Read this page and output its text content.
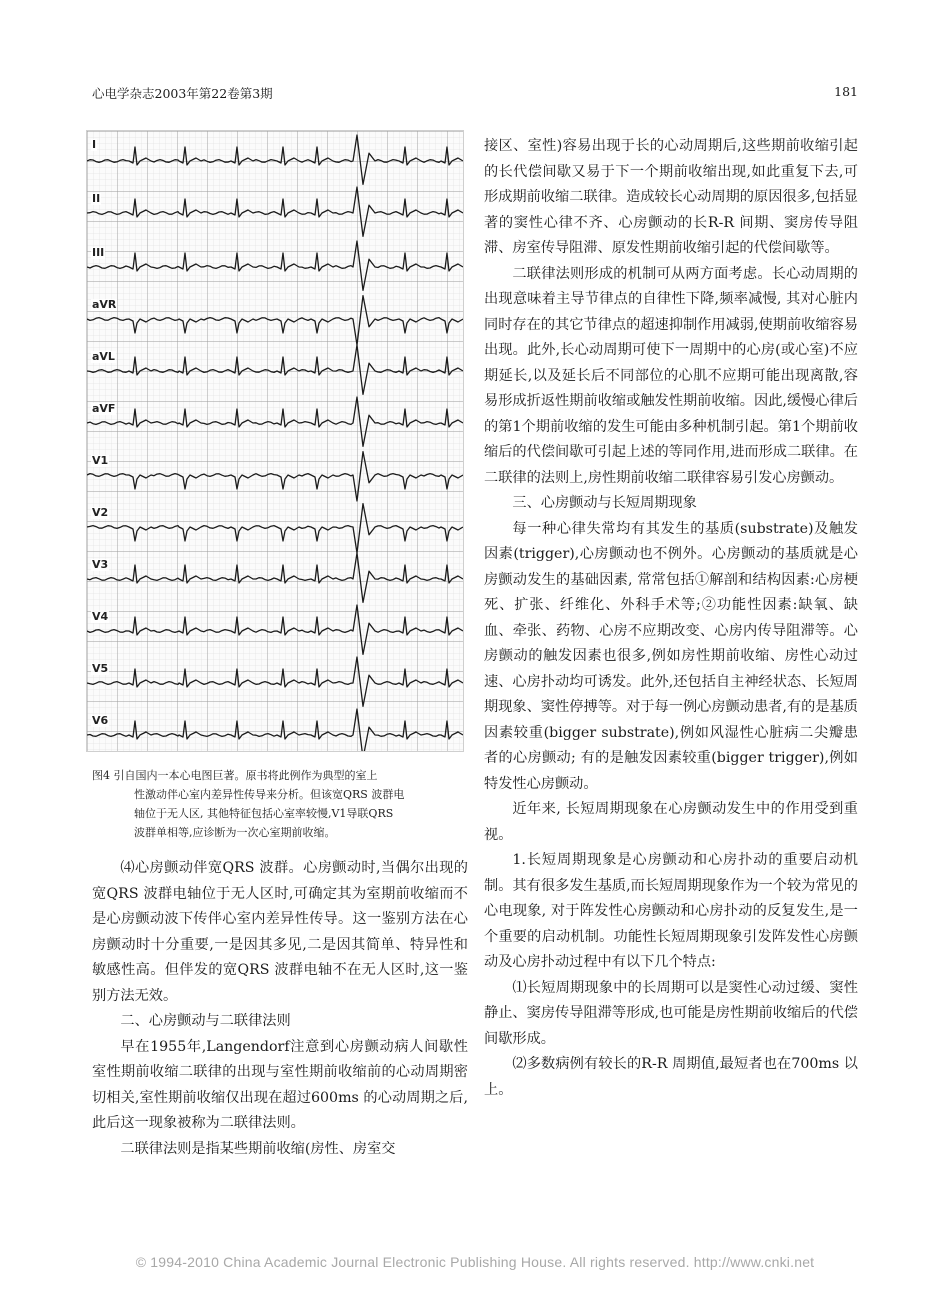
心电学杂志2003年第22卷第3期	181
I
II
III
aVR
aVL
aVF
V1
V2
V3
V4
V5
V6
图4 引自国内一本心电图巨著。原书将此例作为典型的室上
性激动伴心室内差异性传导来分析。但该宽QRS 波群电
轴位于无人区, 其他特征包括心室率较慢,V1导联QRS
波群单相等,应诊断为一次心室期前收缩。

⑷心房颤动伴宽QRS 波群。心房颤动时,当偶尔出现的宽QRS 波群电轴位于无人区时,可确定其为室期前收缩而不是心房颤动波下传伴心室内差异性传导。这一鉴别方法在心房颤动时十分重要,一是因其多见,二是因其简单、特异性和敏感性高。但伴发的宽QRS 波群电轴不在无人区时,这一鉴别方法无效。

二、心房颤动与二联律法则

早在1955年,Langendorf注意到心房颤动病人间歇性室性期前收缩二联律的出现与室性期前收缩前的心动周期密切相关,室性期前收缩仅出现在超过600ms 的心动周期之后,此后这一现象被称为二联律法则。

二联律法则是指某些期前收缩(房性、房室交

接区、室性)容易出现于长的心动周期后,这些期前收缩引起的长代偿间歇又易于下一个期前收缩出现,如此重复下去,可形成期前收缩二联律。造成较长心动周期的原因很多,包括显著的窦性心律不齐、心房颤动的长R-R 间期、窦房传导阻滞、房室传导阻滞、原发性期前收缩引起的代偿间歇等。

二联律法则形成的机制可从两方面考虑。长心动周期的出现意味着主导节律点的自律性下降,频率减慢, 其对心脏内同时存在的其它节律点的超速抑制作用减弱,使期前收缩容易出现。此外,长心动周期可使下一周期中的心房(或心室)不应期延长,以及延长后不同部位的心肌不应期可能出现离散,容易形成折返性期前收缩或触发性期前收缩。因此,缓慢心律后的第1个期前收缩的发生可能由多种机制引起。第1个期前收缩后的代偿间歇可引起上述的等同作用,进而形成二联律。在二联律的法则上,房性期前收缩二联律容易引发心房颤动。

三、心房颤动与长短周期现象

每一种心律失常均有其发生的基质(substrate)及触发因素(trigger),心房颤动也不例外。心房颤动的基质就是心房颤动发生的基础因素, 常常包括①解剖和结构因素:心房梗死、扩张、纤维化、外科手术等;②功能性因素:缺氧、缺血、牵张、药物、心房不应期改变、心房内传导阻滞等。心房颤动的触发因素也很多,例如房性期前收缩、房性心动过速、心房扑动均可诱发。此外,还包括自主神经状态、长短周期现象、窦性停搏等。对于每一例心房颤动患者,有的是基质因素较重(bigger substrate),例如风湿性心脏病二尖瓣患者的心房颤动; 有的是触发因素较重(bigger trigger),例如特发性心房颤动。

近年来, 长短周期现象在心房颤动发生中的作用受到重视。

1.长短周期现象是心房颤动和心房扑动的重要启动机制。其有很多发生基质,而长短周期现象作为一个较为常见的心电现象, 对于阵发性心房颤动和心房扑动的反复发生,是一个重要的启动机制。功能性长短周期现象引发阵发性心房颤动及心房扑动过程中有以下几个特点:

⑴长短周期现象中的长周期可以是窦性心动过缓、窦性静止、窦房传导阻滞等形成,也可能是房性期前收缩后的代偿间歇形成。

⑵多数病例有较长的R-R 周期值,最短者也在700ms 以上。

© 1994-2010 China Academic Journal Electronic Publishing House. All rights reserved. http://www.cnki.net
